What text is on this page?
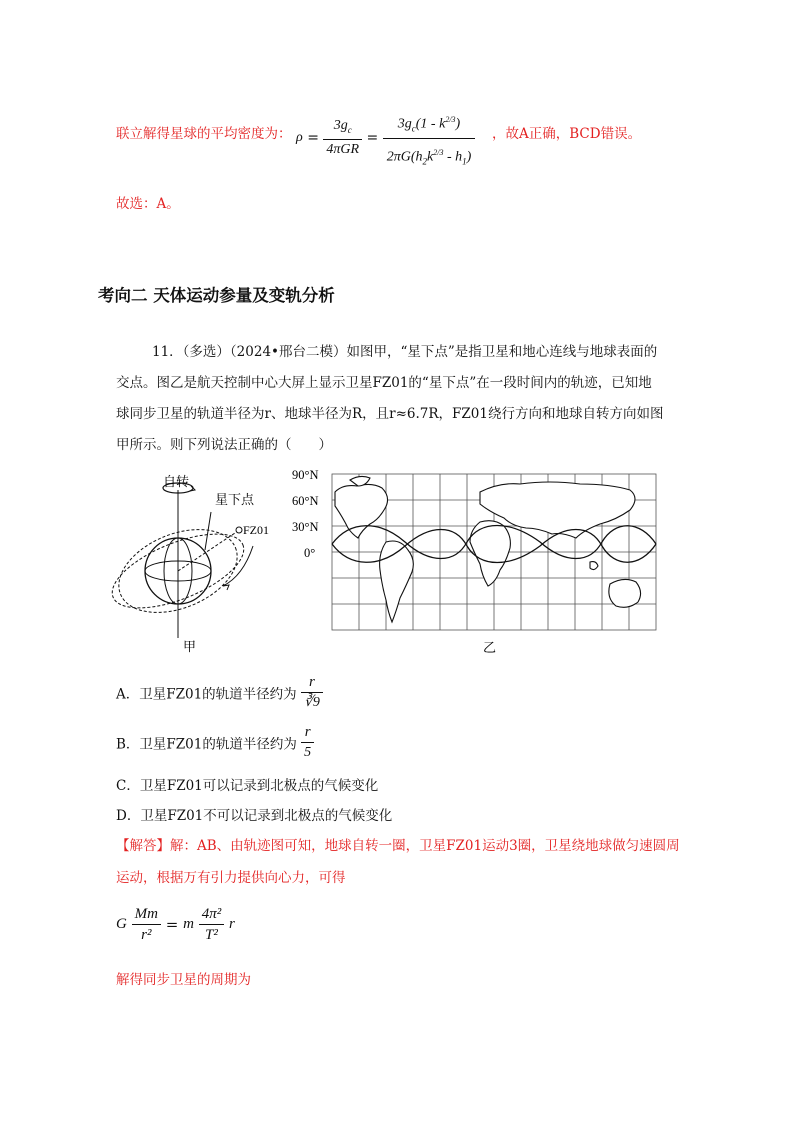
联立解得星球的平均密度为： $\rho = \frac{3g_c}{\text{4πGR}} = \frac{3g_c(1 - k^{2/3})}{2\pi G(h_2k^{2/3} - h_1)}$ ，故A正确，BCD错误。
故选：A。
考向二 天体运动参量及变轨分析
11．（多选）（2024•邢台二模）如图甲，“星下点”是指卫星和地心连线与地球表面的
交点。图乙是航天控制中心大屏上显示卫星FZ01的“星下点”在一段时间内的轨迹，已知地
球同步卫星的轨道半径为r、地球半径为R，且r≈6.7R，FZ01绕行方向和地球自转方向如图
甲所示。则下列说法正确的（　　）
自转
星下点
FZ01
甲
90°N
60°N
30°N
0°
乙
A．卫星FZ01的轨道半径约为 $\frac{r}{∛9}$
B．卫星FZ01的轨道半径约为 $\frac{r}{5}$
C．卫星FZ01可以记录到北极点的气候变化
D．卫星FZ01不可以记录到北极点的气候变化
【解答】解：AB、由轨迹图可知，地球自转一圈，卫星FZ01运动3圈，卫星绕地球做匀速圆周
运动，根据万有引力提供向心力，可得
G $\frac{Mm}{\text{r²}} = m \frac{\text{4π²}}{\text{T²}}$ r
解得同步卫星的周期为
